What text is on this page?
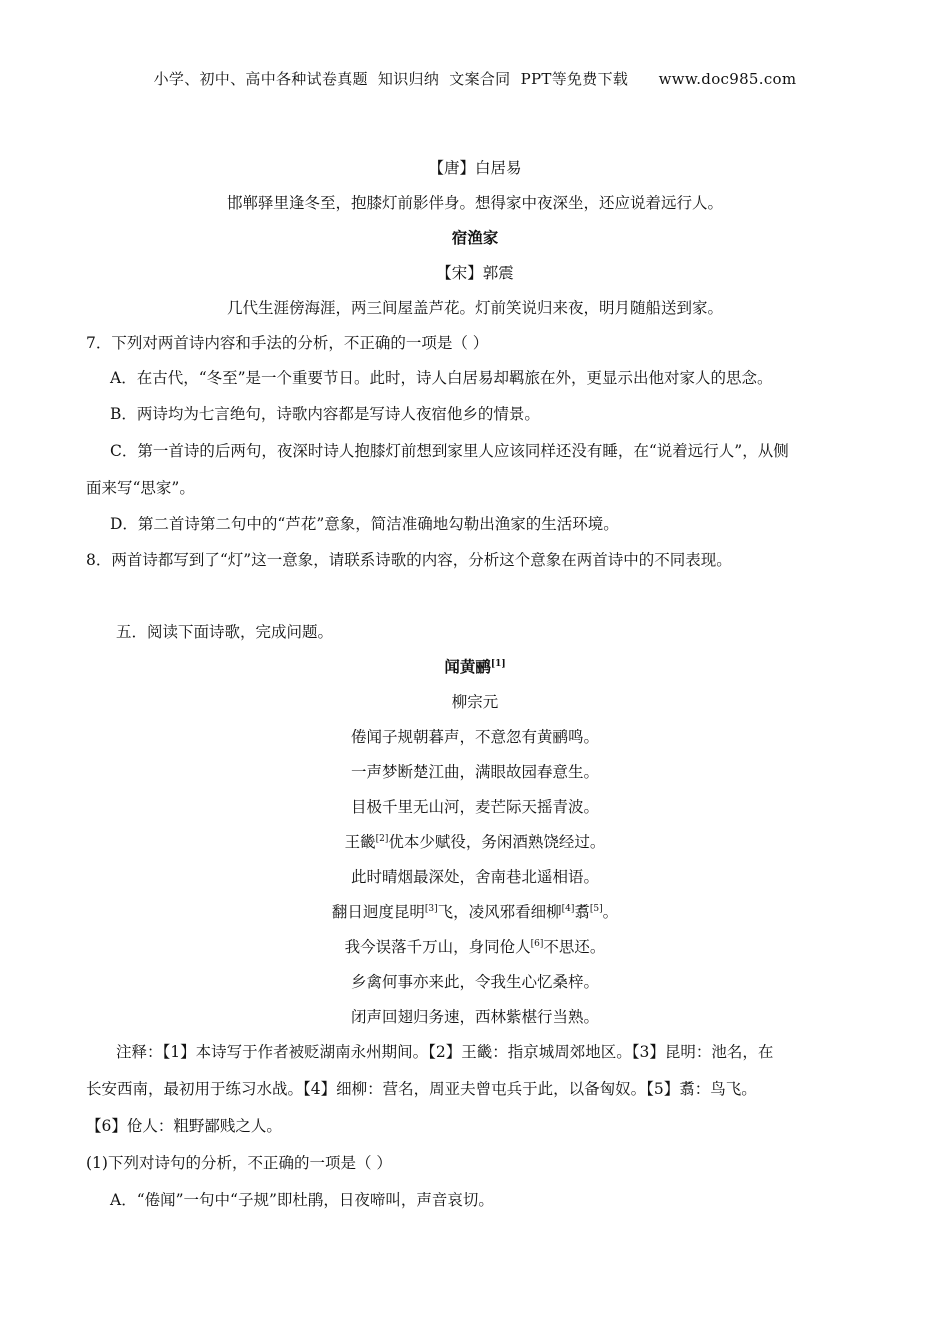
小学、初中、高中各种试卷真题  知识归纳  文案合同  PPT等免费下载      www.doc985.com
【唐】白居易
邯郸驿里逢冬至，抱膝灯前影伴身。想得家中夜深坐，还应说着远行人。
宿渔家
【宋】郭震
几代生涯傍海涯，两三间屋盖芦花。灯前笑说归来夜，明月随船送到家。
7．下列对两首诗内容和手法的分析，不正确的一项是（ ）
A．在古代，“冬至”是一个重要节日。此时，诗人白居易却羁旅在外，更显示出他对家人的思念。
B．两诗均为七言绝句，诗歌内容都是写诗人夜宿他乡的情景。
C．第一首诗的后两句，夜深时诗人抱膝灯前想到家里人应该同样还没有睡，在“说着远行人”，从侧
面来写“思家”。
D．第二首诗第二句中的“芦花”意象，简洁准确地勾勒出渔家的生活环境。
8．两首诗都写到了“灯”这一意象，请联系诗歌的内容，分析这个意象在两首诗中的不同表现。
五．阅读下面诗歌，完成问题。
闻黄鹂[1]
柳宗元
倦闻子规朝暮声，不意忽有黄鹂鸣。
一声梦断楚江曲，满眼故园春意生。
目极千里无山河，麦芒际天摇青波。
王畿[2]优本少赋役，务闲酒熟饶经过。
此时晴烟最深处，舍南巷北遥相语。
翻日迥度昆明[3]飞，凌风邪看细柳[4]翥[5]。
我今误落千万山，身同伧人[6]不思还。
乡禽何事亦来此，令我生心忆桑梓。
闭声回翅归务速，西林紫椹行当熟。
注释：【1】本诗写于作者被贬湖南永州期间。【2】王畿：指京城周郊地区。【3】昆明：池名，在
长安西南，最初用于练习水战。【4】细柳：营名，周亚夫曾屯兵于此，以备匈奴。【5】翥：鸟飞。
【6】伧人：粗野鄙贱之人。
(1)下列对诗句的分析，不正确的一项是（ ）
A．“倦闻”一句中“子规”即杜鹃，日夜啼叫，声音哀切。
